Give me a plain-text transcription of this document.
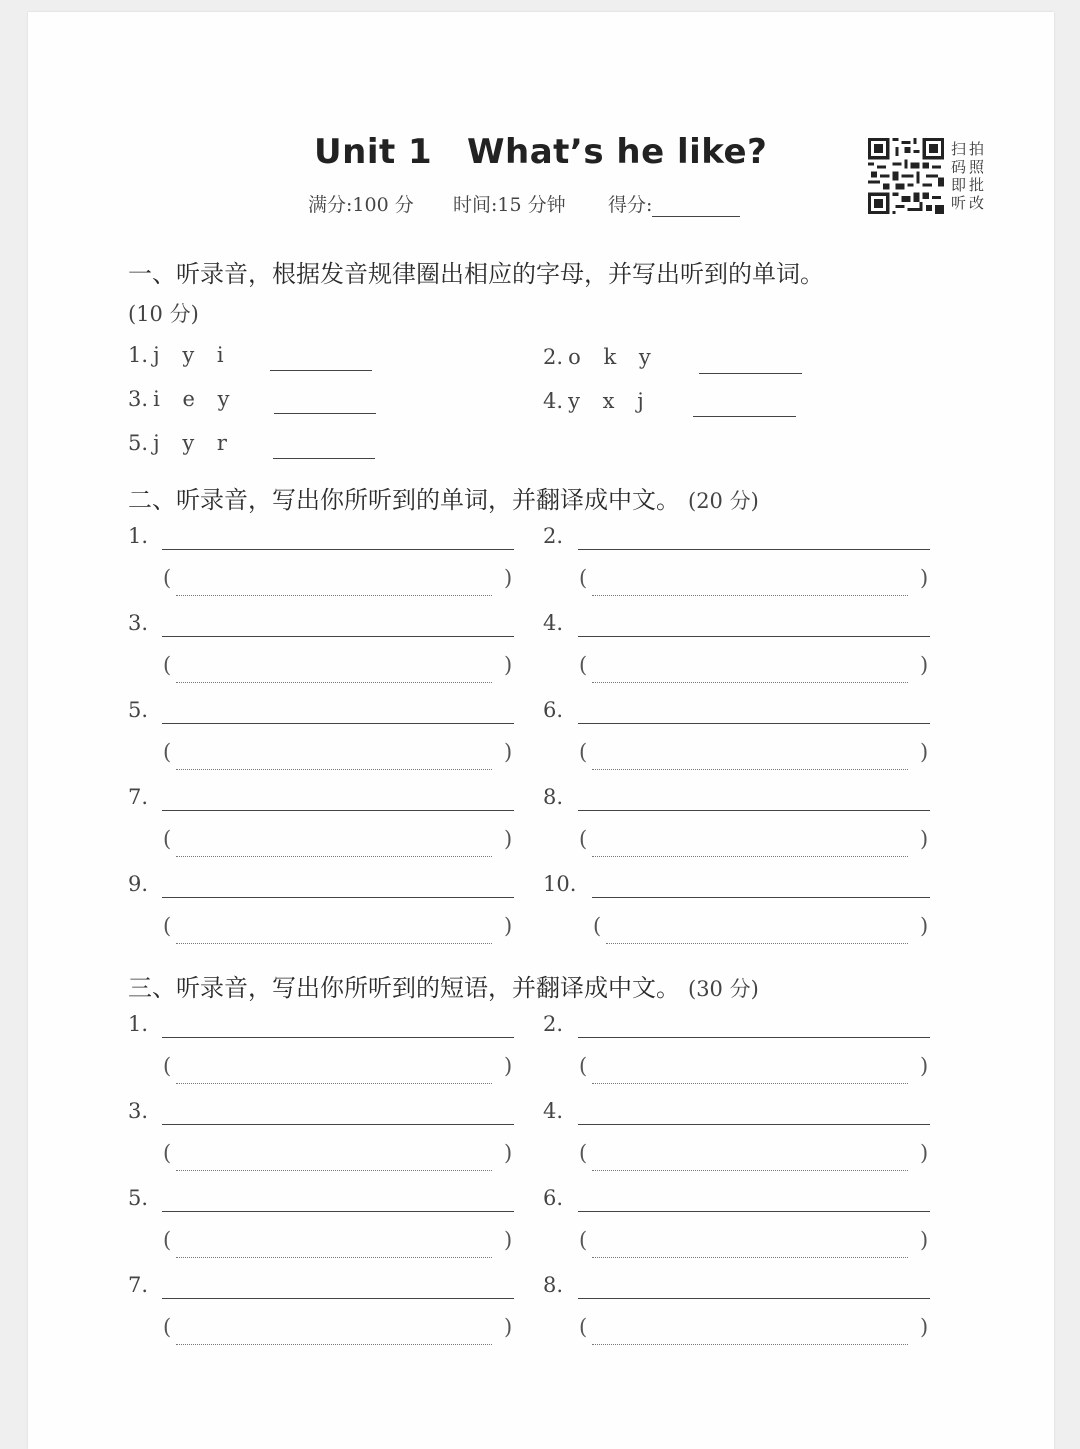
Unit 1 What’s he like?
满分:100 分 时间:15 分钟 得分:
扫拍
码照
即批
听改
一、听录音，根据发音规律圈出相应的字母，并写出听到的单词。
(10 分)
1. j y i	2. o k y
3. i e y	4. y x j
5. j y r
二、听录音，写出你所听到的单词，并翻译成中文。 (20 分)
1.
(	)
2.
(	)
3.
(	)
4.
(	)
5.
(	)
6.
(	)
7.
(	)
8.
(	)
9.
(	)
10.
(	)
三、听录音，写出你所听到的短语，并翻译成中文。 (30 分)
1.
(	)
2.
(	)
3.
(	)
4.
(	)
5.
(	)
6.
(	)
7.
(	)
8.
(	)
